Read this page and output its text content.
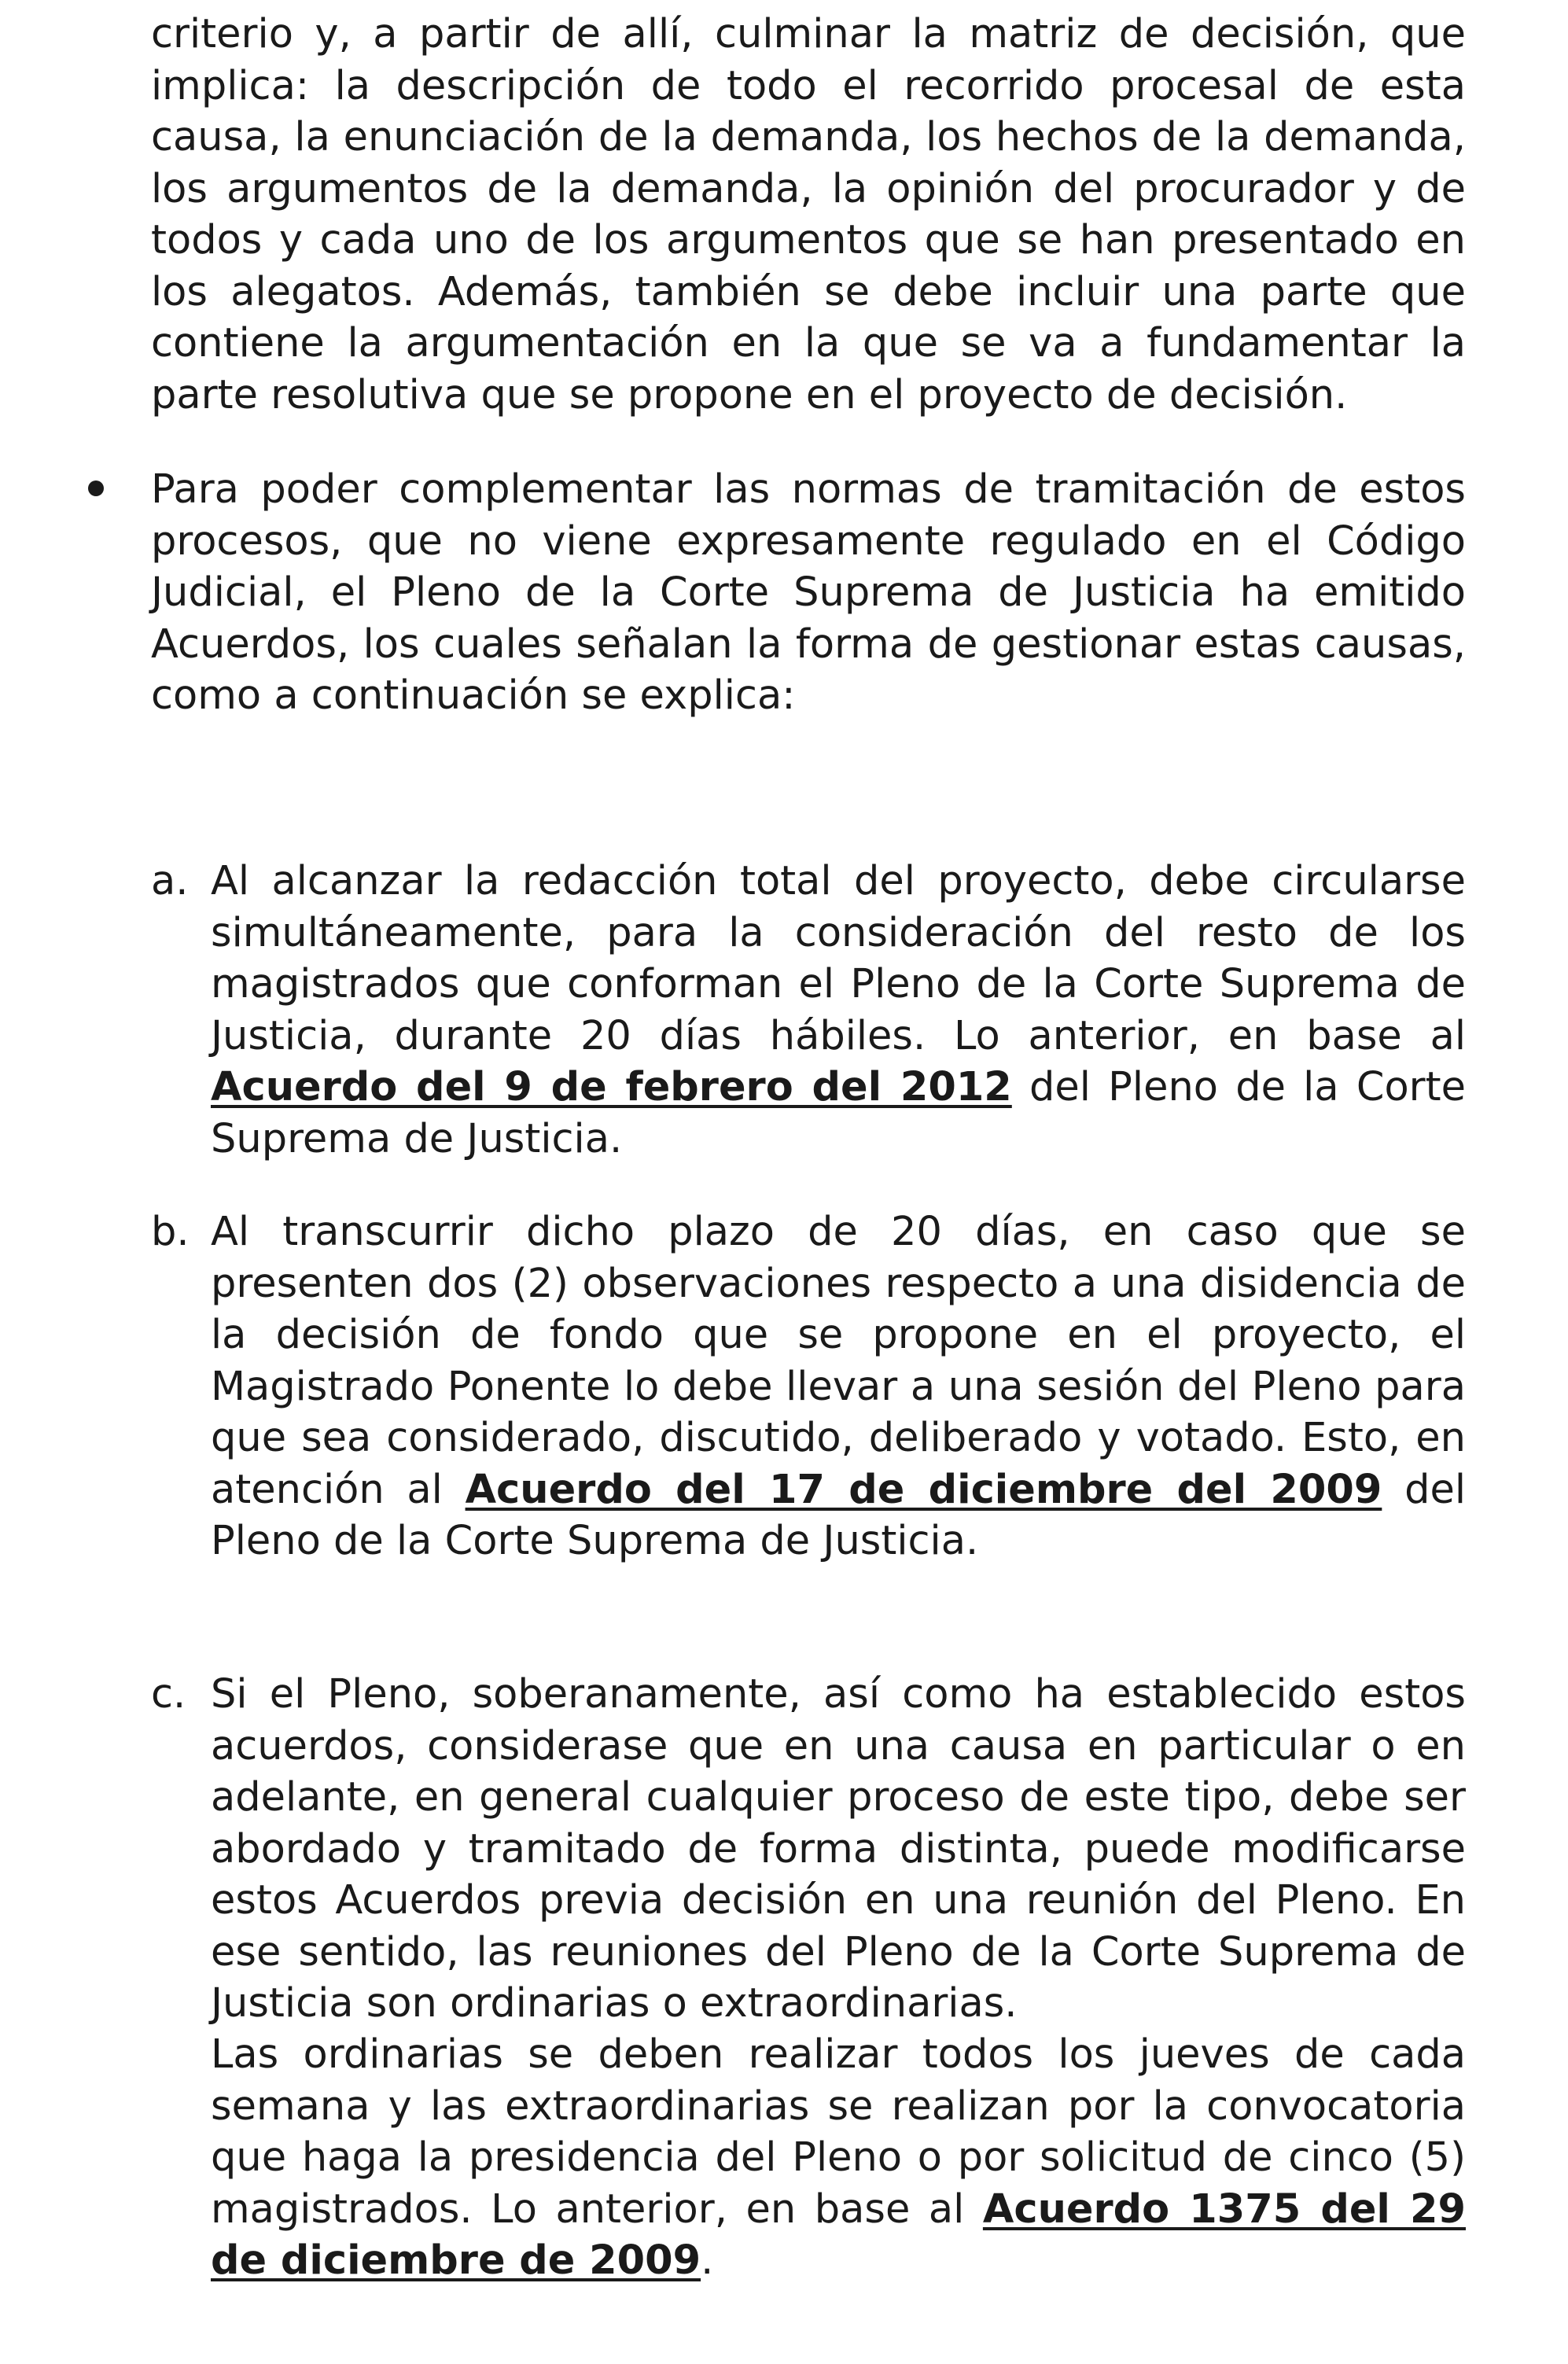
criterio y, a partir de allí, culminar la matriz de decisión, que implica: la descripción de todo el recorrido procesal de esta causa, la enunciación de la demanda, los hechos de la demanda, los argumentos de la demanda, la opinión del procurador y de todos y cada uno de los argumentos que se han presentado en los alegatos. Además, también se debe incluir una parte que contiene la argumentación en la que se va a fundamentar la parte resolutiva que se propone en el proyecto de decisión.

Para poder complementar las normas de tramitación de estos procesos, que no viene expresamente regulado en el Código Judicial, el Pleno de la Corte Suprema de Justicia ha emitido Acuerdos, los cuales señalan la forma de gestionar estas causas, como a continuación se explica:

a. Al alcanzar la redacción total del proyecto, debe circularse simultáneamente, para la consideración del resto de los magistrados que conforman el Pleno de la Corte Suprema de Justicia, durante 20 días hábiles. Lo anterior, en base al Acuerdo del 9 de febrero del 2012 del Pleno de la Corte Suprema de Justicia.

b. Al transcurrir dicho plazo de 20 días, en caso que se presenten dos (2) observaciones respecto a una disidencia de la decisión de fondo que se propone en el proyecto, el Magistrado Ponente lo debe llevar a una sesión del Pleno para que sea considerado, discutido, deliberado y votado. Esto, en atención al Acuerdo del 17 de diciembre del 2009 del Pleno de la Corte Suprema de Justicia.

c. Si el Pleno, soberanamente, así como ha establecido estos acuerdos, considerase que en una causa en particular o en adelante, en general cualquier proceso de este tipo, debe ser abordado y tramitado de forma distinta, puede modificarse estos Acuerdos previa decisión en una reunión del Pleno. En ese sentido, las reuniones del Pleno de la Corte Suprema de Justicia son ordinarias o extraordinarias.

Las ordinarias se deben realizar todos los jueves de cada semana y las extraordinarias se realizan por la convocatoria que haga la presidencia del Pleno o por solicitud de cinco (5) magistrados. Lo anterior, en base al Acuerdo 1375 del 29 de diciembre de 2009.
